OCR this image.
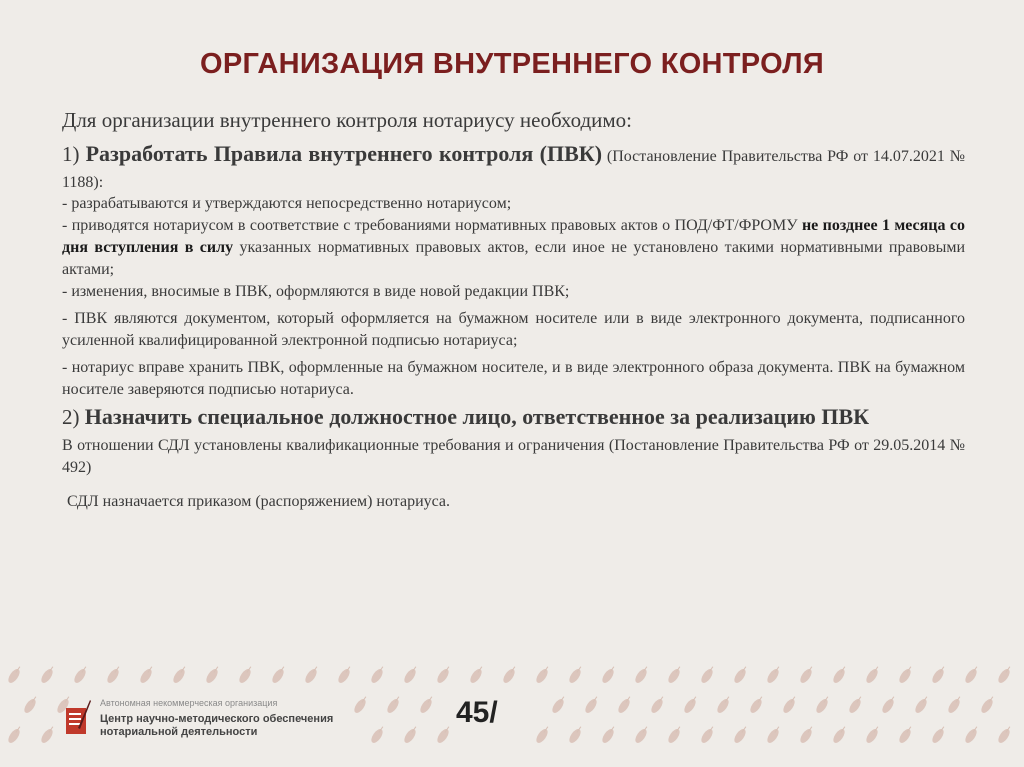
ОРГАНИЗАЦИЯ ВНУТРЕННЕГО КОНТРОЛЯ

Для организации внутреннего контроля нотариусу необходимо:

1) Разработать Правила внутреннего контроля (ПВК) (Постановление Правительства РФ от 14.07.2021 № 1188):

- разрабатываются и утверждаются непосредственно нотариусом;

- приводятся нотариусом в соответствие с требованиями нормативных правовых актов о ПОД/ФТ/ФРОМУ не позднее 1 месяца со дня вступления в силу указанных нормативных правовых актов, если иное не установлено такими нормативными правовыми актами;

- изменения, вносимые в ПВК, оформляются в виде новой редакции ПВК;

- ПВК являются документом, который оформляется на бумажном носителе или в виде электронного документа, подписанного усиленной квалифицированной электронной подписью нотариуса;

- нотариус вправе хранить ПВК, оформленные на бумажном носителе, и в виде электронного образа документа. ПВК на бумажном носителе заверяются подписью нотариуса.

2) Назначить специальное должностное лицо, ответственное за реализацию ПВК

В отношении СДЛ установлены квалификационные требования и ограничения (Постановление Правительства РФ от 29.05.2014 № 492)

СДЛ назначается приказом (распоряжением) нотариуса.

Автономная некоммерческая организация
Центр научно-методического обеспечения
нотариальной деятельности
45/
